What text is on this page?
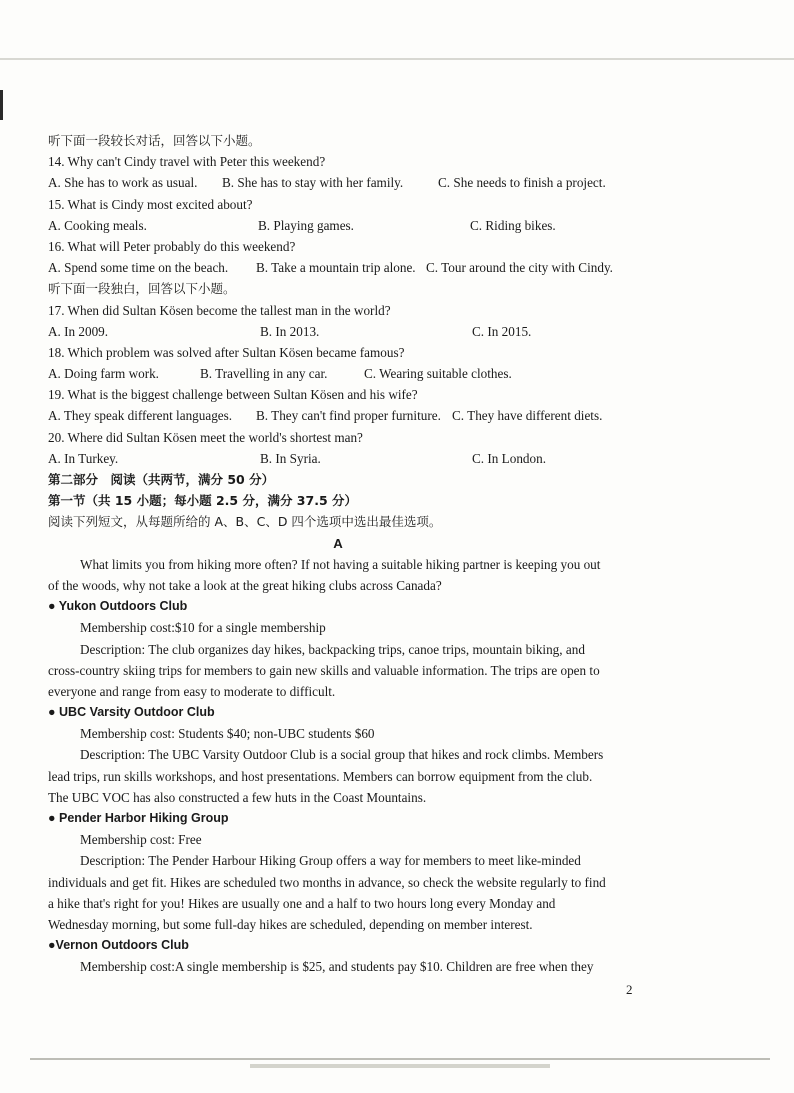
听下面一段较长对话，回答以下小题。
14. Why can't Cindy travel with Peter this weekend?
A. She has to work as usual. B. She has to stay with her family.	C. She needs to finish a project.
15. What is Cindy most excited about?
A. Cooking meals.	B. Playing games.	C. Riding bikes.
16. What will Peter probably do this weekend?
A. Spend some time on the beach. B. Take a mountain trip alone. C. Tour around the city with Cindy.
听下面一段独白，回答以下小题。
17. When did Sultan Kösen become the tallest man in the world?
A. In 2009.	B. In 2013.	C. In 2015.
18. Which problem was solved after Sultan Kösen became famous?
A. Doing farm work.	B. Travelling in any car.	C. Wearing suitable clothes.
19. What is the biggest challenge between Sultan Kösen and his wife?
A. They speak different languages. B. They can't find proper furniture. C. They have different diets.
20. Where did Sultan Kösen meet the world's shortest man?
A. In Turkey.	B. In Syria.	C. In London.
第二部分　阅读（共两节，满分 50 分）
第一节（共 15 小题；每小题 2.5 分，满分 37.5 分）
阅读下列短文，从每题所给的 A、B、C、D 四个选项中选出最佳选项。
A
What limits you from hiking more often? If not having a suitable hiking partner is keeping you out
of the woods, why not take a look at the great hiking clubs across Canada?
● Yukon Outdoors Club
Membership cost:$10 for a single membership
Description: The club organizes day hikes, backpacking trips, canoe trips, mountain biking, and
cross-country skiing trips for members to gain new skills and valuable information. The trips are open to
everyone and range from easy to moderate to difficult.
● UBC Varsity Outdoor Club
Membership cost: Students $40; non-UBC students $60
Description: The UBC Varsity Outdoor Club is a social group that hikes and rock climbs. Members
lead trips, run skills workshops, and host presentations. Members can borrow equipment from the club.
The UBC VOC has also constructed a few huts in the Coast Mountains.
● Pender Harbor Hiking Group
Membership cost: Free
Description: The Pender Harbour Hiking Group offers a way for members to meet like-minded
individuals and get fit. Hikes are scheduled two months in advance, so check the website regularly to find
a hike that's right for you! Hikes are usually one and a half to two hours long every Monday and
Wednesday morning, but some full-day hikes are scheduled, depending on member interest.
●Vernon Outdoors Club
Membership cost:A single membership is $25, and students pay $10. Children are free when they
2
